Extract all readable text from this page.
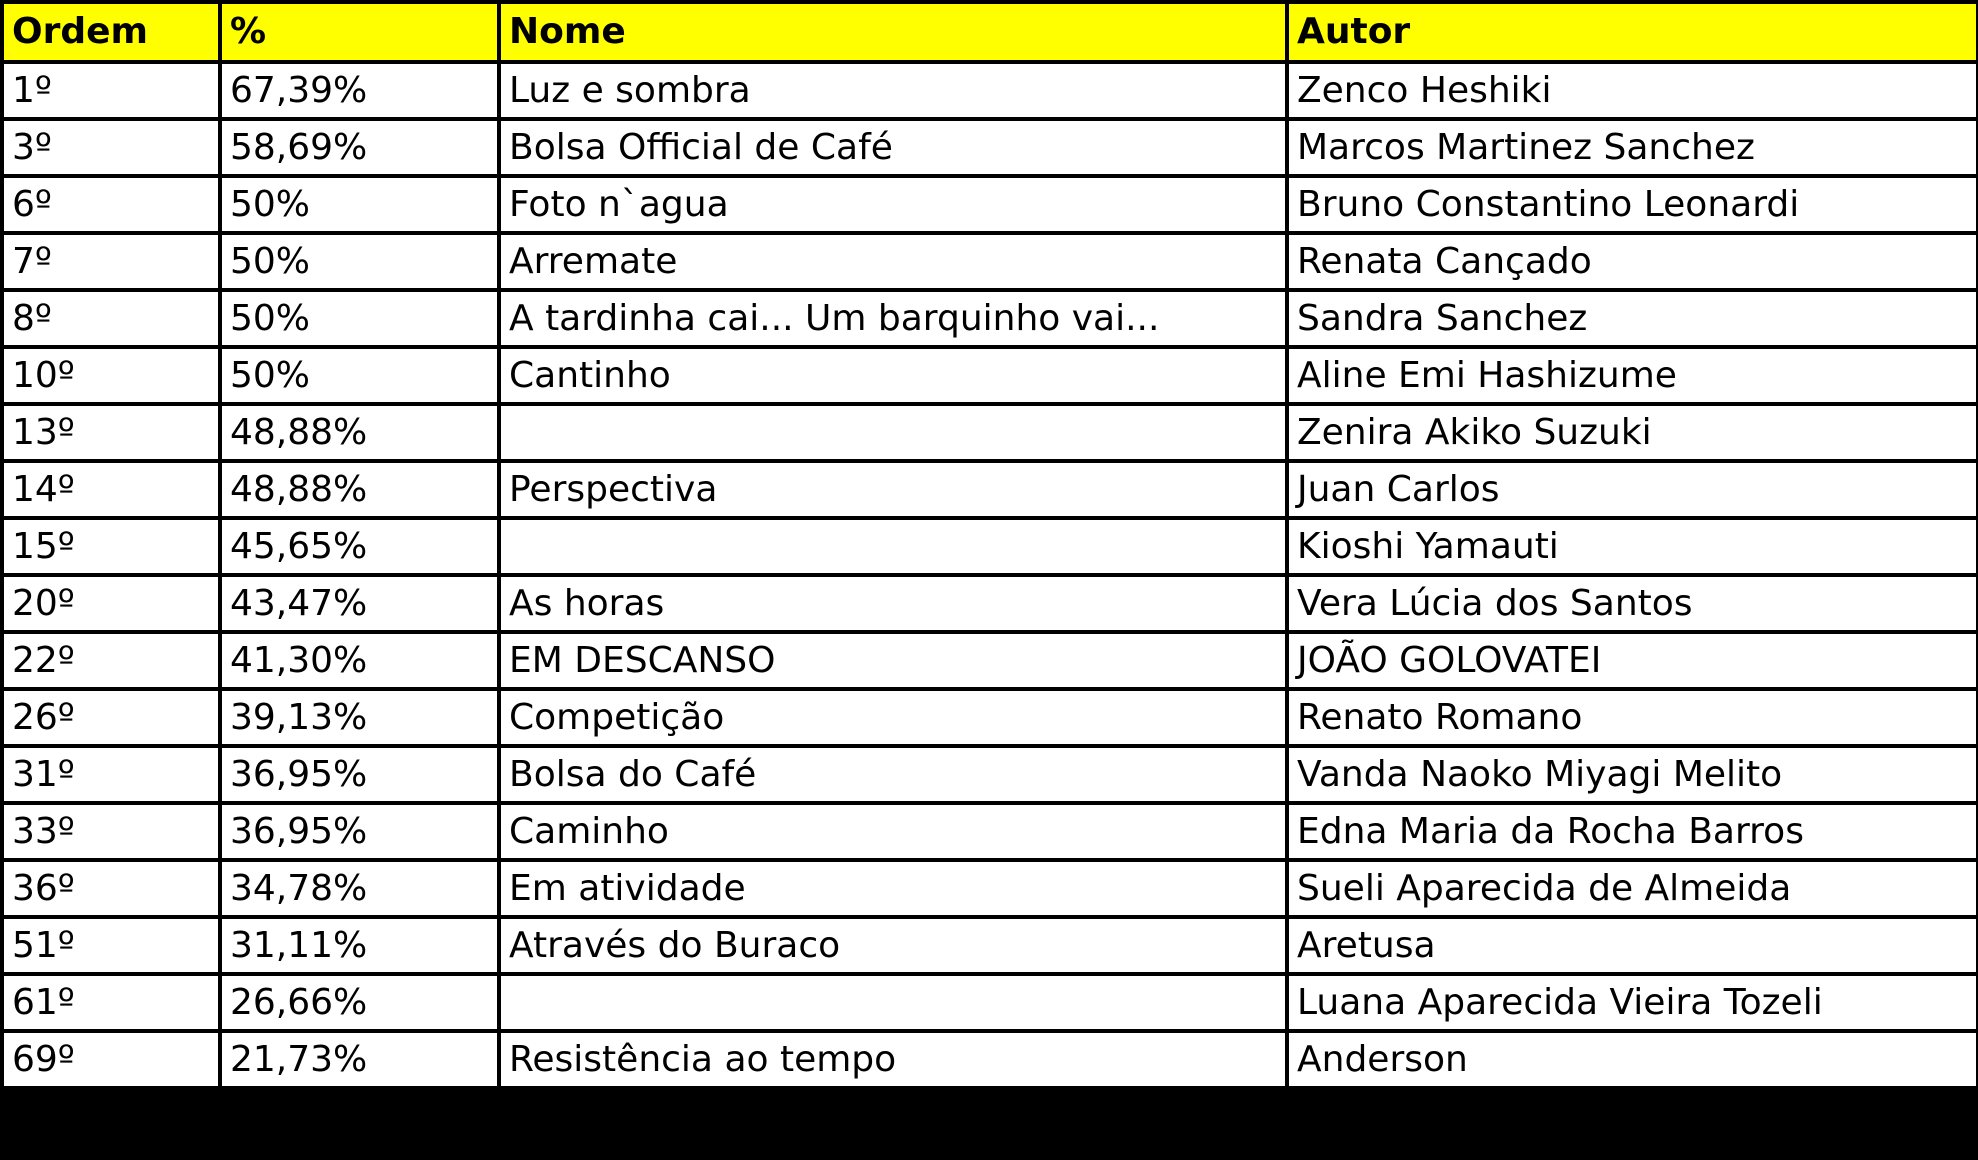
Ordem	%	Nome	Autor
1º	67,39%	Luz e sombra	Zenco Heshiki
3º	58,69%	Bolsa Official de Café	Marcos Martinez Sanchez
6º	50%	Foto n`agua	Bruno Constantino Leonardi
7º	50%	Arremate	Renata Cançado
8º	50%	A tardinha cai... Um barquinho vai...	Sandra Sanchez
10º	50%	Cantinho	Aline Emi Hashizume
13º	48,88%		Zenira Akiko Suzuki
14º	48,88%	Perspectiva	Juan Carlos
15º	45,65%		Kioshi Yamauti
20º	43,47%	As horas	Vera Lúcia dos Santos
22º	41,30%	EM DESCANSO	JOÃO GOLOVATEI
26º	39,13%	Competição	Renato Romano
31º	36,95%	Bolsa do Café	Vanda Naoko Miyagi Melito
33º	36,95%	Caminho	Edna Maria da Rocha Barros
36º	34,78%	Em atividade	Sueli Aparecida de Almeida
51º	31,11%	Através do Buraco	Aretusa
61º	26,66%		Luana Aparecida Vieira Tozeli
69º	21,73%	Resistência ao tempo	Anderson
